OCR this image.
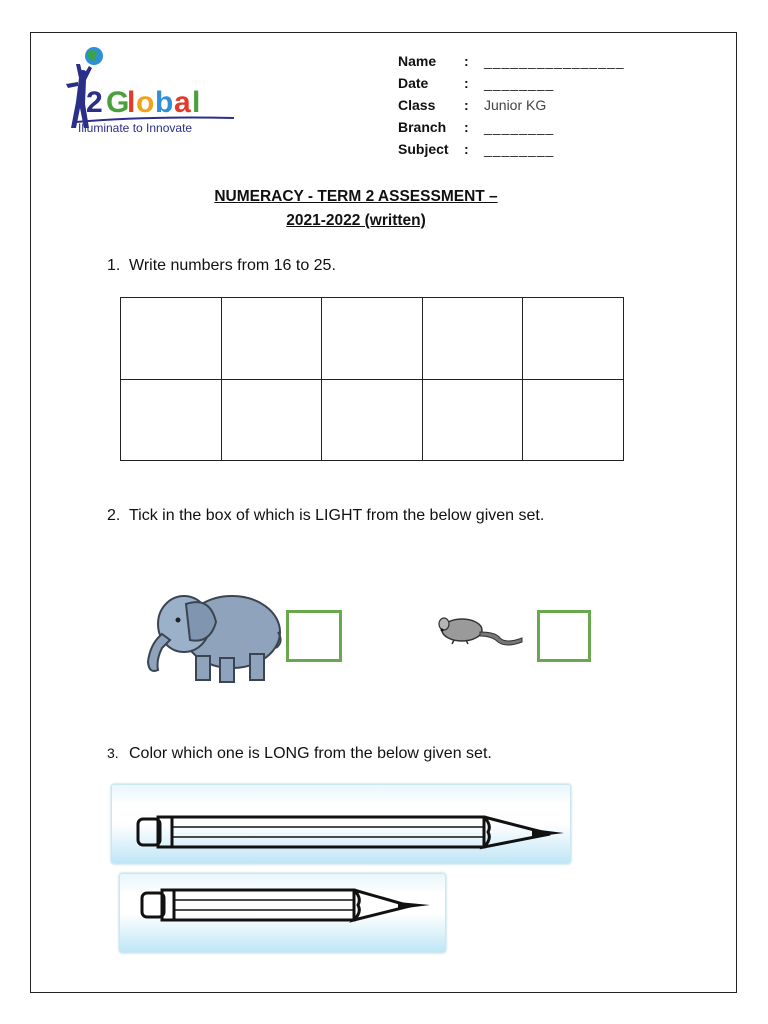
2 G
l o b a l
Illuminate to Innovate
Name	:	________________
Date	:	________
Class	:	Junior KG
Branch	:	________
Subject	:	________
NUMERACY - TERM 2 ASSESSMENT –
2021-2022 (written)
1. Write numbers from 16 to 25.

2. Tick in the box of which is LIGHT from the below given set.
3. Color which one is LONG from the below given set.
